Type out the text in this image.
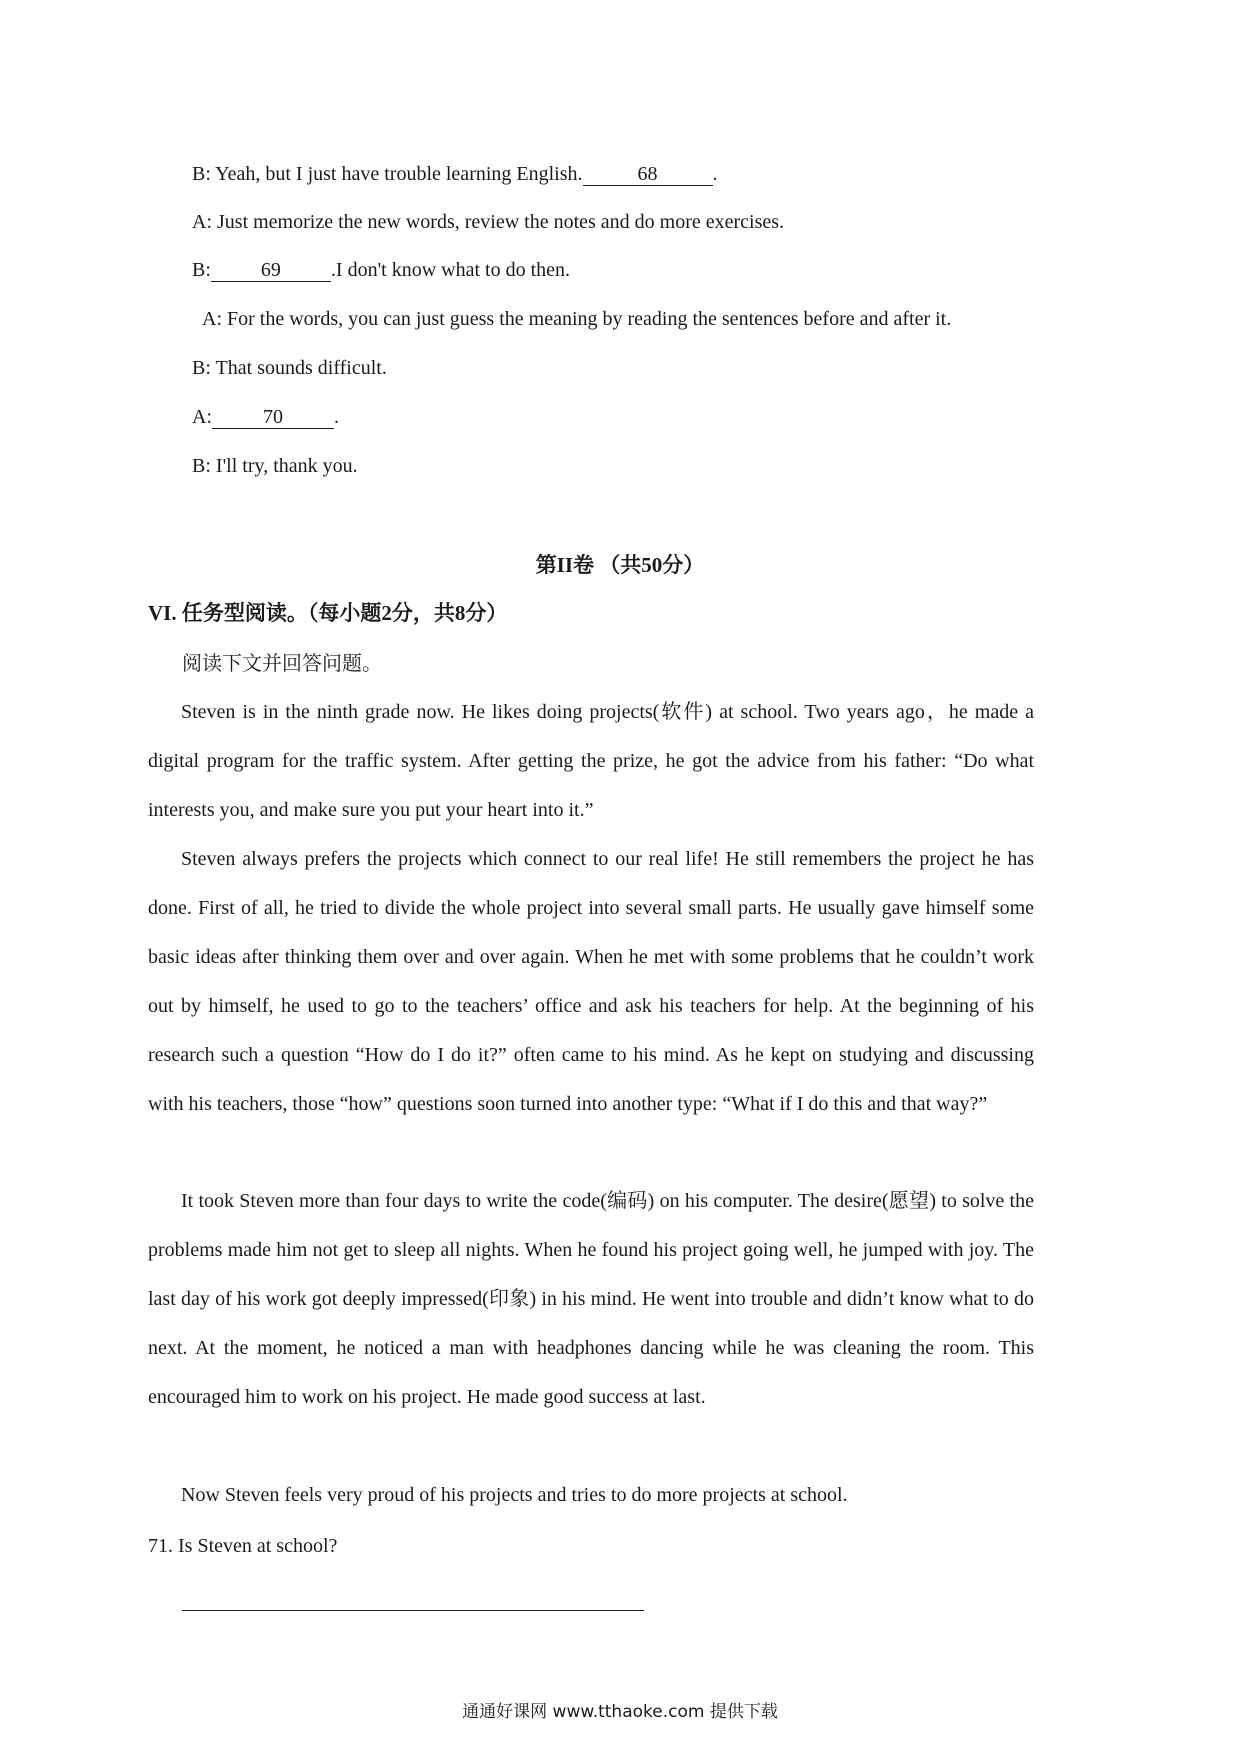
B: Yeah, but I just have trouble learning English.	68	.
A: Just memorize the new words, review the notes and do more exercises.
B:	69	.I don't know what to do then.
A: For the words, you can just guess the meaning by reading the sentences before and after it.
B: That sounds difficult.
A:	70	.
B: I'll try, thank you.
第II卷 （共50分）
VI. 任务型阅读。（每小题2分，共8分）
阅读下文并回答问题。
Steven is in the ninth grade now. He likes doing projects(软件) at school. Two years ago，he made a digital program for the traffic system. After getting the prize, he got the advice from his father: “Do what interests you, and make sure you put your heart into it.”
Steven always prefers the projects which connect to our real life! He still remembers the project he has done. First of all, he tried to divide the whole project into several small parts. He usually gave himself some basic ideas after thinking them over and over again. When he met with some problems that he couldn’t work out by himself, he used to go to the teachers’ office and ask his teachers for help. At the beginning of his research such a question “How do I do it?” often came to his mind. As he kept on studying and discussing with his teachers, those “how” questions soon turned into another type: “What if I do this and that way?”
It took Steven more than four days to write the code(编码) on his computer. The desire(愿望) to solve the problems made him not get to sleep all nights. When he found his project going well, he jumped with joy. The last day of his work got deeply impressed(印象) in his mind. He went into trouble and didn’t know what to do next. At the moment, he noticed a man with headphones dancing while he was cleaning the room. This encouraged him to work on his project. He made good success at last.
Now Steven feels very proud of his projects and tries to do more projects at school.
71. Is Steven at school?
通通好课网 www.tthaoke.com 提供下载
